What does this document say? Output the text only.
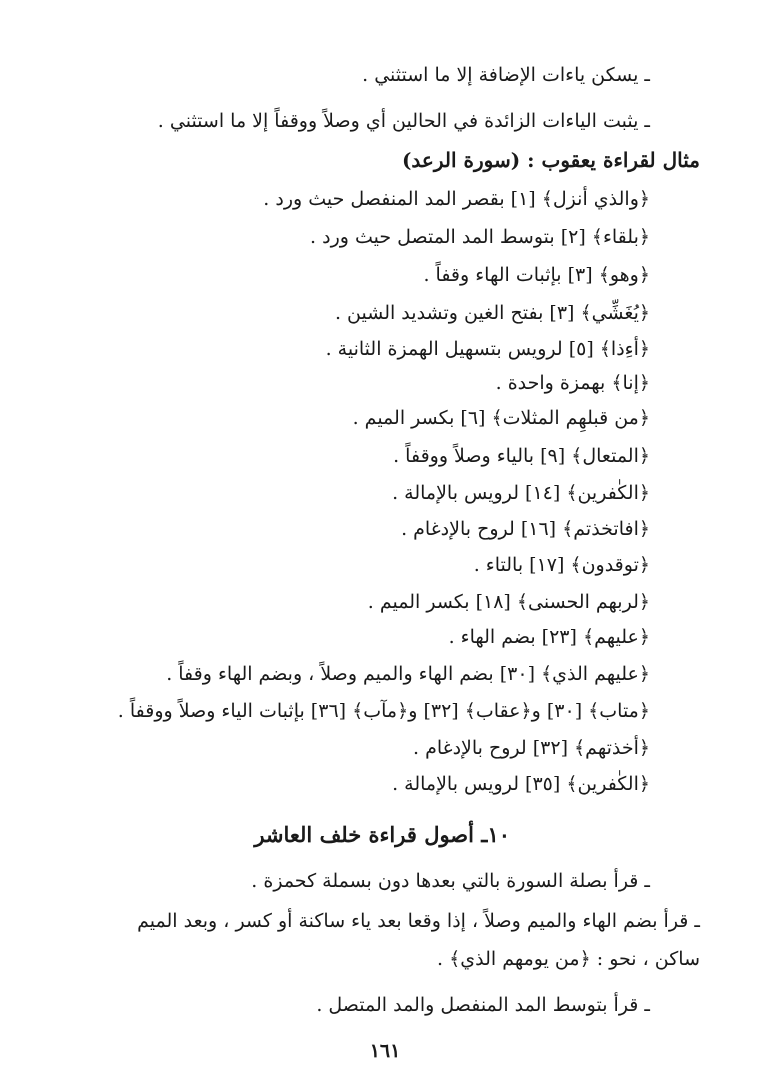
ـ يسكن ياءات الإضافة إلا ما استثني .
ـ يثبت الياءات الزائدة في الحالين أي وصلاً ووقفاً إلا ما استثني .
مثال لقراءة يعقوب : (سورة الرعد)
﴿والذي أنزل﴾ [١] بقصر المد المنفصل حيث ورد .
﴿بلقاء﴾ [٢] بتوسط المد المتصل حيث ورد .
﴿وهو﴾ [٣] بإثبات الهاء وقفاً .
﴿يُغَشِّي﴾ [٣] بفتح الغين وتشديد الشين .
﴿أءِذا﴾ [٥] لرويس بتسهيل الهمزة الثانية .
﴿إنا﴾ بهمزة واحدة .
﴿من قبلهِم المثلات﴾ [٦] بكسر الميم .
﴿المتعال﴾ [٩] بالياء وصلاً ووقفاً .
﴿الكٰفرين﴾ [١٤] لرويس بالإمالة .
﴿افاتخذتم﴾ [١٦] لروح بالإدغام .
﴿توقدون﴾ [١٧] بالتاء .
﴿لربهم الحسنى﴾ [١٨] بكسر الميم .
﴿عليهم﴾ [٢٣] بضم الهاء .
﴿عليهم الذي﴾ [٣٠] بضم الهاء والميم وصلاً ، وبضم الهاء وقفاً .
﴿متاب﴾ [٣٠] و﴿عقاب﴾ [٣٢] و﴿مآب﴾ [٣٦] بإثبات الياء وصلاً ووقفاً .
﴿أخذتهم﴾ [٣٢] لروح بالإدغام .
﴿الكٰفرين﴾ [٣٥] لرويس بالإمالة .
١٠ـ أصول قراءة خلف العاشر
ـ قرأ بصلة السورة بالتي بعدها دون بسملة كحمزة .
ـ قرأ بضم الهاء والميم وصلاً ، إذا وقعا بعد ياء ساكنة أو كسر ، وبعد الميم
ساكن ، نحو : ﴿من يومهم الذي﴾ .
ـ قرأ بتوسط المد المنفصل والمد المتصل .
١٦١
